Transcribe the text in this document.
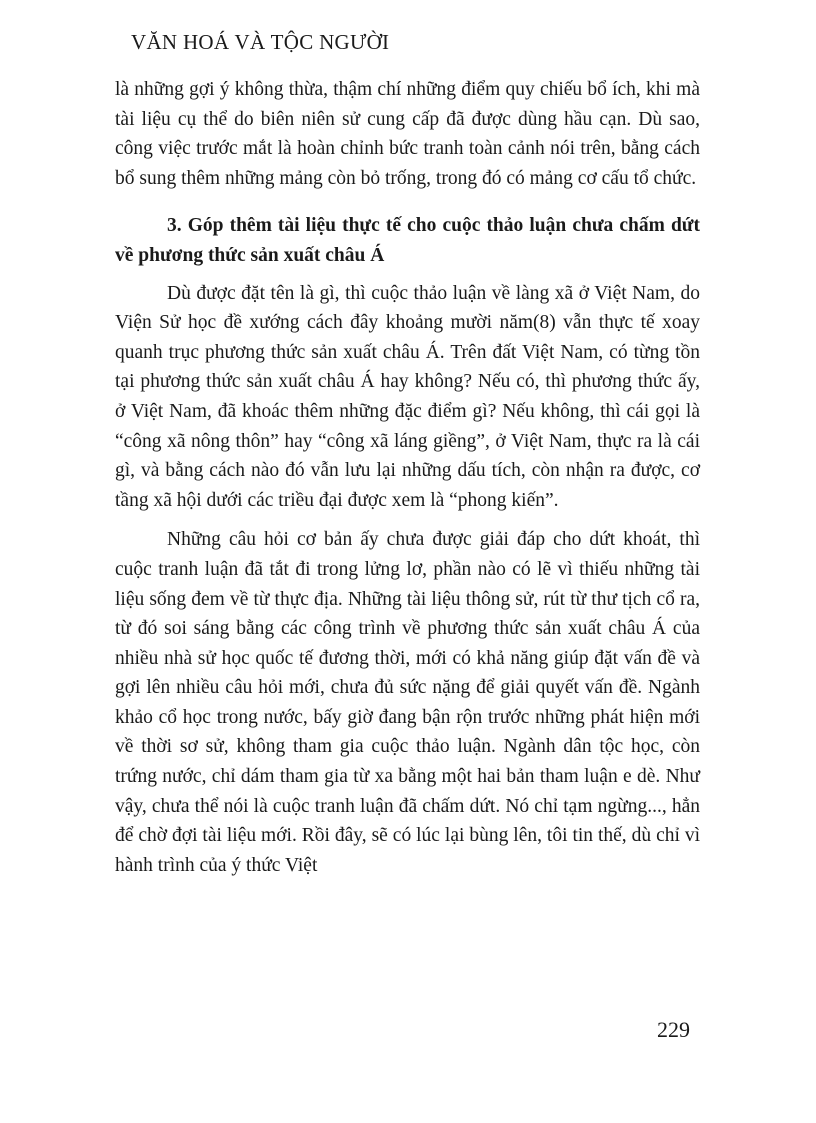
VĂN HOÁ VÀ TỘC NGƯỜI

là những gợi ý không thừa, thậm chí những điểm quy chiếu bổ ích, khi mà tài liệu cụ thể do biên niên sử cung cấp đã được dùng hầu cạn. Dù sao, công việc trước mắt là hoàn chỉnh bức tranh toàn cảnh nói trên, bằng cách bổ sung thêm những mảng còn bỏ trống, trong đó có mảng cơ cấu tổ chức.

3. Góp thêm tài liệu thực tế cho cuộc thảo luận chưa chấm dứt về phương thức sản xuất châu Á

Dù được đặt tên là gì, thì cuộc thảo luận về làng xã ở Việt Nam, do Viện Sử học đề xướng cách đây khoảng mười năm(8) vẫn thực tế xoay quanh trục phương thức sản xuất châu Á. Trên đất Việt Nam, có từng tồn tại phương thức sản xuất châu Á hay không? Nếu có, thì phương thức ấy, ở Việt Nam, đã khoác thêm những đặc điểm gì? Nếu không, thì cái gọi là “công xã nông thôn” hay “công xã láng giềng”, ở Việt Nam, thực ra là cái gì, và bằng cách nào đó vẫn lưu lại những dấu tích, còn nhận ra được, cơ tầng xã hội dưới các triều đại được xem là “phong kiến”.

Những câu hỏi cơ bản ấy chưa được giải đáp cho dứt khoát, thì cuộc tranh luận đã tắt đi trong lửng lơ, phần nào có lẽ vì thiếu những tài liệu sống đem về từ thực địa. Những tài liệu thông sử, rút từ thư tịch cổ ra, từ đó soi sáng bằng các công trình về phương thức sản xuất châu Á của nhiều nhà sử học quốc tế đương thời, mới có khả năng giúp đặt vấn đề và gợi lên nhiều câu hỏi mới, chưa đủ sức nặng để giải quyết vấn đề. Ngành khảo cổ học trong nước, bấy giờ đang bận rộn trước những phát hiện mới về thời sơ sử, không tham gia cuộc thảo luận. Ngành dân tộc học, còn trứng nước, chỉ dám tham gia từ xa bằng một hai bản tham luận e dè. Như vậy, chưa thể nói là cuộc tranh luận đã chấm dứt. Nó chỉ tạm ngừng..., hẳn để chờ đợi tài liệu mới. Rồi đây, sẽ có lúc lại bùng lên, tôi tin thế, dù chỉ vì hành trình của ý thức Việt

229
